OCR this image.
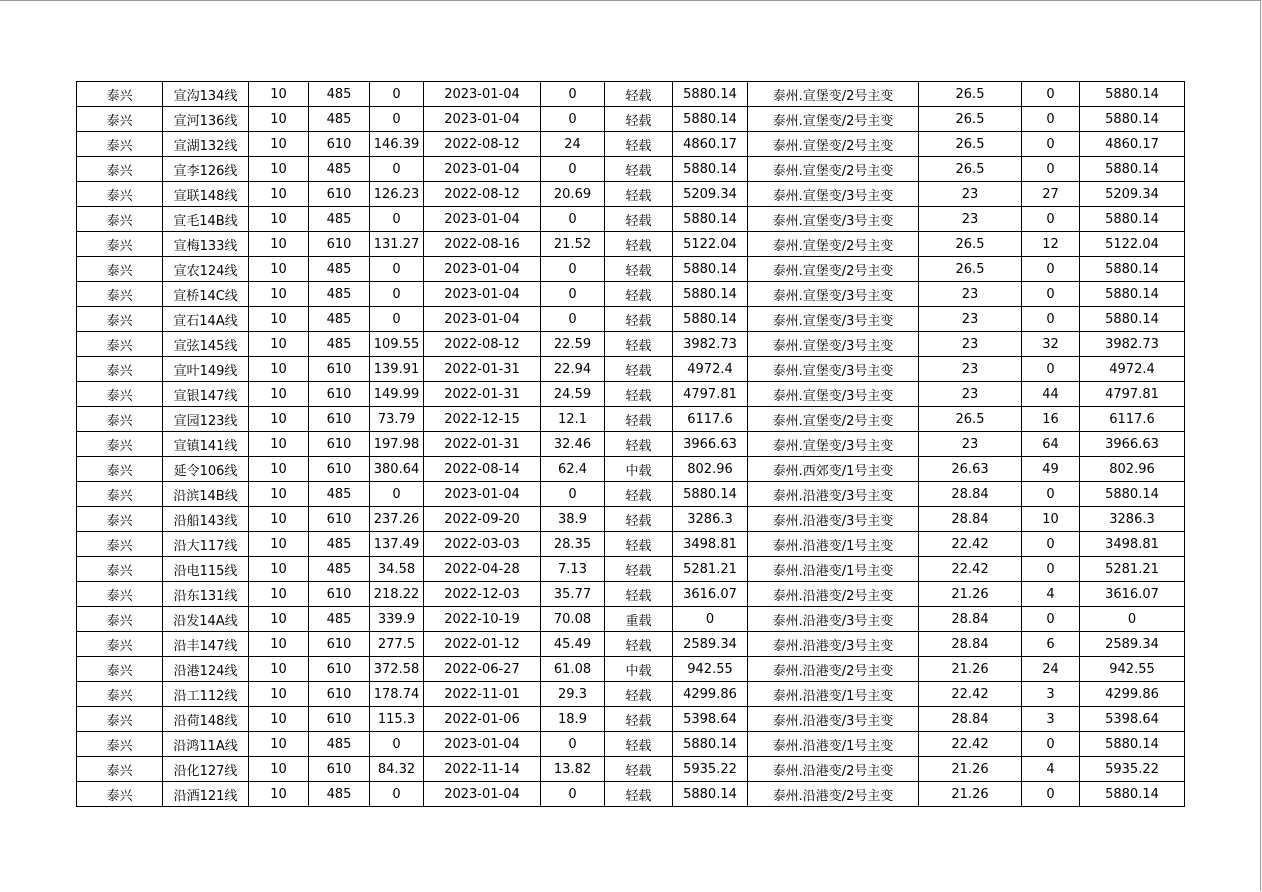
泰兴	宣沟134线	10	485	0	2023-01-04	0	轻载	5880.14	泰州.宣堡变/2号主变	26.5	0	5880.14
泰兴	宣河136线	10	485	0	2023-01-04	0	轻载	5880.14	泰州.宣堡变/2号主变	26.5	0	5880.14
泰兴	宣湖132线	10	610	146.39	2022-08-12	24	轻载	4860.17	泰州.宣堡变/2号主变	26.5	0	4860.17
泰兴	宣李126线	10	485	0	2023-01-04	0	轻载	5880.14	泰州.宣堡变/2号主变	26.5	0	5880.14
泰兴	宣联148线	10	610	126.23	2022-08-12	20.69	轻载	5209.34	泰州.宣堡变/3号主变	23	27	5209.34
泰兴	宣毛14B线	10	485	0	2023-01-04	0	轻载	5880.14	泰州.宣堡变/3号主变	23	0	5880.14
泰兴	宣梅133线	10	610	131.27	2022-08-16	21.52	轻载	5122.04	泰州.宣堡变/2号主变	26.5	12	5122.04
泰兴	宣农124线	10	485	0	2023-01-04	0	轻载	5880.14	泰州.宣堡变/2号主变	26.5	0	5880.14
泰兴	宣桥14C线	10	485	0	2023-01-04	0	轻载	5880.14	泰州.宣堡变/3号主变	23	0	5880.14
泰兴	宣石14A线	10	485	0	2023-01-04	0	轻载	5880.14	泰州.宣堡变/3号主变	23	0	5880.14
泰兴	宣弦145线	10	485	109.55	2022-08-12	22.59	轻载	3982.73	泰州.宣堡变/3号主变	23	32	3982.73
泰兴	宣叶149线	10	610	139.91	2022-01-31	22.94	轻载	4972.4	泰州.宣堡变/3号主变	23	0	4972.4
泰兴	宣银147线	10	610	149.99	2022-01-31	24.59	轻载	4797.81	泰州.宣堡变/3号主变	23	44	4797.81
泰兴	宣园123线	10	610	73.79	2022-12-15	12.1	轻载	6117.6	泰州.宣堡变/2号主变	26.5	16	6117.6
泰兴	宣镇141线	10	610	197.98	2022-01-31	32.46	轻载	3966.63	泰州.宣堡变/3号主变	23	64	3966.63
泰兴	延令106线	10	610	380.64	2022-08-14	62.4	中载	802.96	泰州.西郊变/1号主变	26.63	49	802.96
泰兴	沿滨14B线	10	485	0	2023-01-04	0	轻载	5880.14	泰州.沿港变/3号主变	28.84	0	5880.14
泰兴	沿船143线	10	610	237.26	2022-09-20	38.9	轻载	3286.3	泰州.沿港变/3号主变	28.84	10	3286.3
泰兴	沿大117线	10	485	137.49	2022-03-03	28.35	轻载	3498.81	泰州.沿港变/1号主变	22.42	0	3498.81
泰兴	沿电115线	10	485	34.58	2022-04-28	7.13	轻载	5281.21	泰州.沿港变/1号主变	22.42	0	5281.21
泰兴	沿东131线	10	610	218.22	2022-12-03	35.77	轻载	3616.07	泰州.沿港变/2号主变	21.26	4	3616.07
泰兴	沿发14A线	10	485	339.9	2022-10-19	70.08	重载	0	泰州.沿港变/3号主变	28.84	0	0
泰兴	沿丰147线	10	610	277.5	2022-01-12	45.49	轻载	2589.34	泰州.沿港变/3号主变	28.84	6	2589.34
泰兴	沿港124线	10	610	372.58	2022-06-27	61.08	中载	942.55	泰州.沿港变/2号主变	21.26	24	942.55
泰兴	沿工112线	10	610	178.74	2022-11-01	29.3	轻载	4299.86	泰州.沿港变/1号主变	22.42	3	4299.86
泰兴	沿荷148线	10	610	115.3	2022-01-06	18.9	轻载	5398.64	泰州.沿港变/3号主变	28.84	3	5398.64
泰兴	沿鸿11A线	10	485	0	2023-01-04	0	轻载	5880.14	泰州.沿港变/1号主变	22.42	0	5880.14
泰兴	沿化127线	10	610	84.32	2022-11-14	13.82	轻载	5935.22	泰州.沿港变/2号主变	21.26	4	5935.22
泰兴	沿酒121线	10	485	0	2023-01-04	0	轻载	5880.14	泰州.沿港变/2号主变	21.26	0	5880.14
